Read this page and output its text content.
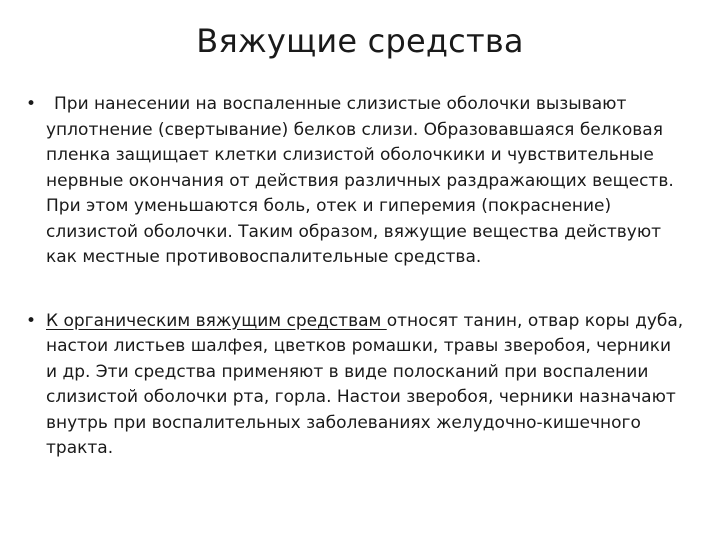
Вяжущие средства
•	При нанесении на воспаленные слизистые оболочки вызывают уплотнение (свертывание) белков слизи. Образовавшаяся белковая пленка защищает клетки слизистой оболочкики и чувствительные нервные окончания от действия различных раздражающих веществ. При этом уменьшаются боль, отек и гиперемия (покраснение) слизистой оболочки. Таким образом, вяжущие вещества действуют как местные противовоспалительные средства.
• К органическим вяжущим средствам относят танин, отвар коры дуба, настои листьев шалфея, цветков ромашки, травы зверобоя, черники и др. Эти средства применяют в виде полосканий при воспалении слизистой оболочки рта, горла. Настои зверобоя, черники назначают внутрь при воспалительных заболеваниях желудочно-кишечного тракта.
